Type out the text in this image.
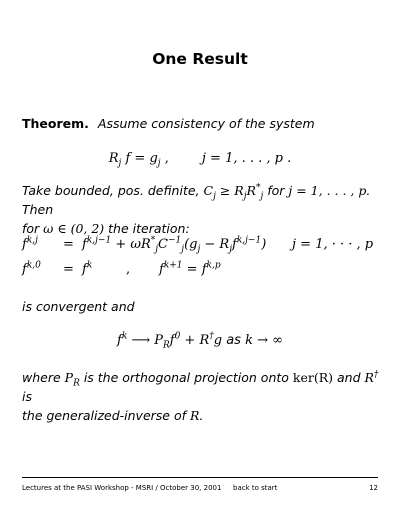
One Result
Theorem. Assume consistency of the system
$R_j$ $f = g_j$ ,	j = 1, . . . , p .
Take bounded, pos. definite, $C_j \ge R_jR^*_j$ for j = 1, . . . , p. Then
for ω ∈ (0, 2) the iteration:
$f^{k,j} = f^{k,j-1} + \omega R^*_jC^{-1}_j(g_j - R_jf^{k,j-1}) j = 1$, · · · , p
$f^{k,0} = f^k$	, $f^{k+1} = f^{k,p}$
is convergent and
$f^k$ ⟶ $P_Rf^0 + R^\dagger g$ as k → ∞
where $P_R$ is the orthogonal projection onto ker(R) and R† is
the generalized-inverse of R.
Lectures at the PASI Workshop - MSRI / October 30, 2001 back to start	12
